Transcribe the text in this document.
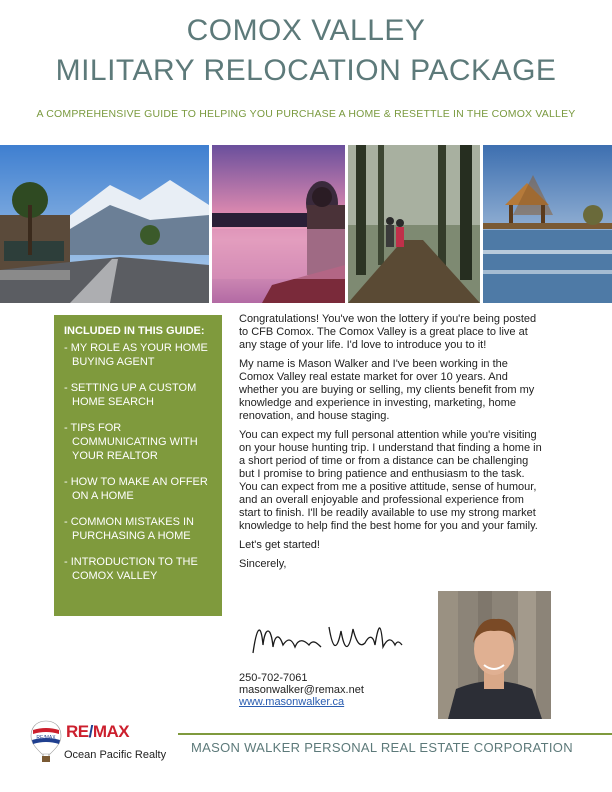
COMOX VALLEY
MILITARY RELOCATION PACKAGE
A COMPREHENSIVE GUIDE TO HELPING YOU PURCHASE A HOME & RESETTLE IN THE COMOX VALLEY
INCLUDED IN THIS GUIDE:
- MY ROLE AS YOUR HOME BUYING AGENT
- SETTING UP A CUSTOM HOME SEARCH
- TIPS FOR COMMUNICATING WITH YOUR REALTOR
- HOW TO MAKE AN OFFER ON A HOME
- COMMON MISTAKES IN PURCHASING A HOME
- INTRODUCTION TO THE COMOX VALLEY

Congratulations! You've won the lottery if you're being posted to CFB Comox. The Comox Valley is a great place to live at any stage of your life. I'd love to introduce you to it!

My name is Mason Walker and I've been working in the Comox Valley real estate market for over 10 years. And whether you are buying or selling, my clients benefit from my knowledge and experience in investing, marketing, home renovation, and house staging.

You can expect my full personal attention while you're visiting on your house hunting trip. I understand that finding a home in a short period of time or from a distance can be challenging but I promise to bring patience and enthusiasm to the task. You can expect from me a positive attitude, sense of humour, and an overall enjoyable and professional experience from start to finish. I'll be readily available to use my strong market knowledge to help find the best home for you and your family.

Let's get started!

Sincerely,

250-702-7061
masonwalker@remax.net
www.masonwalker.ca
RE/MAX RE/MAX
Ocean Pacific Realty MASON WALKER PERSONAL REAL ESTATE CORPORATION
